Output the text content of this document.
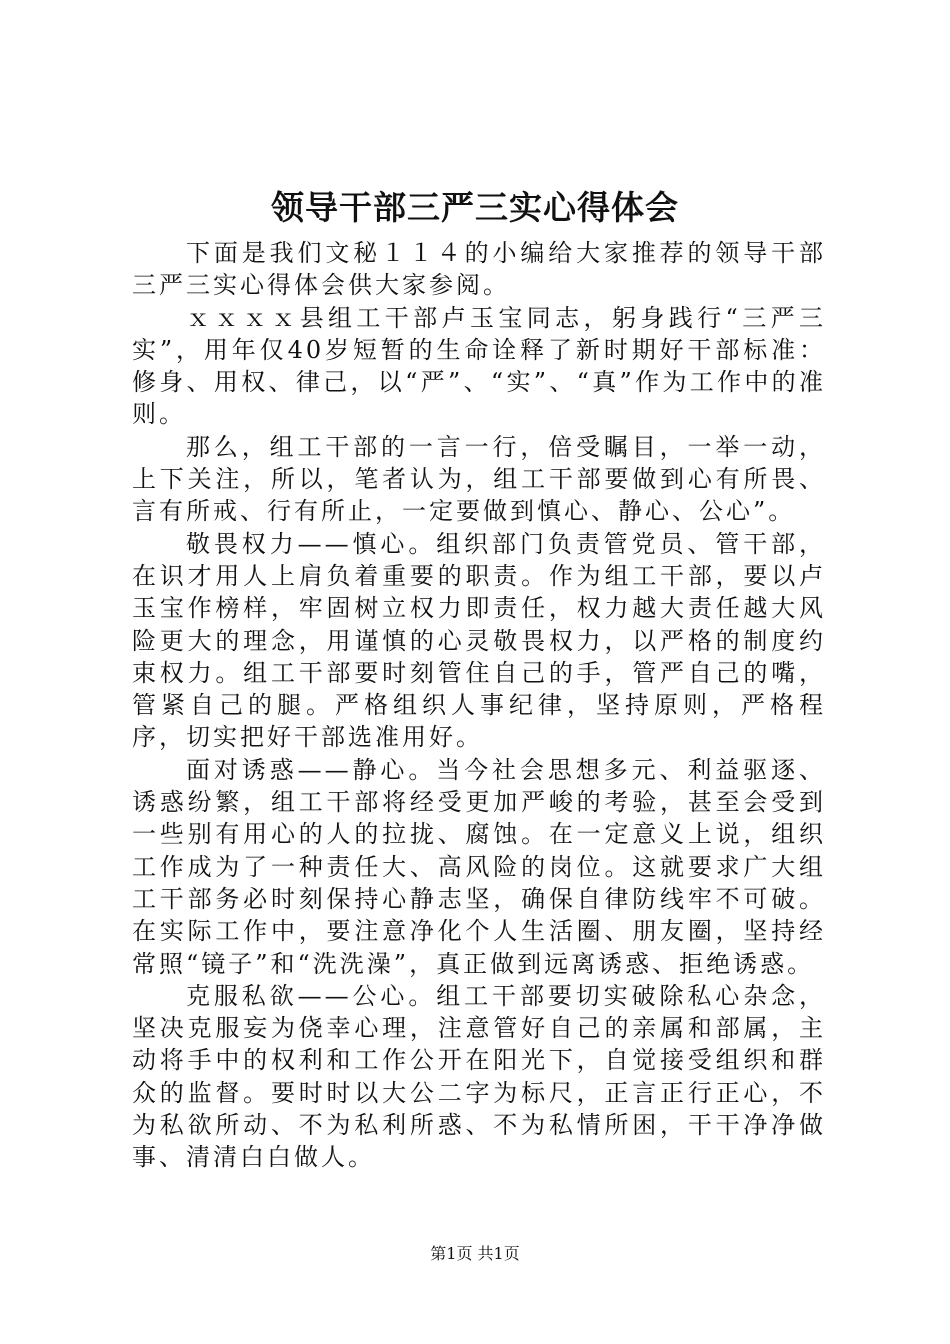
领导干部三严三实心得体会

下面是我们文秘１１４的小编给大家推荐的领导干部三严三实心得体会供大家参阅。

ｘｘｘｘ县组工干部卢玉宝同志，躬身践行“三严三实”，用年仅40岁短暂的生命诠释了新时期好干部标准：修身、用权、律己，以“严”、“实”、“真”作为工作中的准则。

那么，组工干部的一言一行，倍受瞩目，一举一动，上下关注，所以，笔者认为，组工干部要做到心有所畏、言有所戒、行有所止，一定要做到慎心、静心、公心”。

敬畏权力——慎心。组织部门负责管党员、管干部，在识才用人上肩负着重要的职责。作为组工干部，要以卢玉宝作榜样，牢固树立权力即责任，权力越大责任越大风险更大的理念，用谨慎的心灵敬畏权力，以严格的制度约束权力。组工干部要时刻管住自己的手，管严自己的嘴，管紧自己的腿。严格组织人事纪律，坚持原则，严格程序，切实把好干部选准用好。

面对诱惑——静心。当今社会思想多元、利益驱逐、诱惑纷繁，组工干部将经受更加严峻的考验，甚至会受到一些别有用心的人的拉拢、腐蚀。在一定意义上说，组织工作成为了一种责任大、高风险的岗位。这就要求广大组工干部务必时刻保持心静志坚，确保自律防线牢不可破。在实际工作中，要注意净化个人生活圈、朋友圈，坚持经常照“镜子”和“洗洗澡”，真正做到远离诱惑、拒绝诱惑。

克服私欲——公心。组工干部要切实破除私心杂念，坚决克服妄为侥幸心理，注意管好自己的亲属和部属，主动将手中的权利和工作公开在阳光下，自觉接受组织和群众的监督。要时时以大公二字为标尺，正言正行正心，不为私欲所动、不为私利所惑、不为私情所困，干干净净做事、清清白白做人。

第1页 共1页
